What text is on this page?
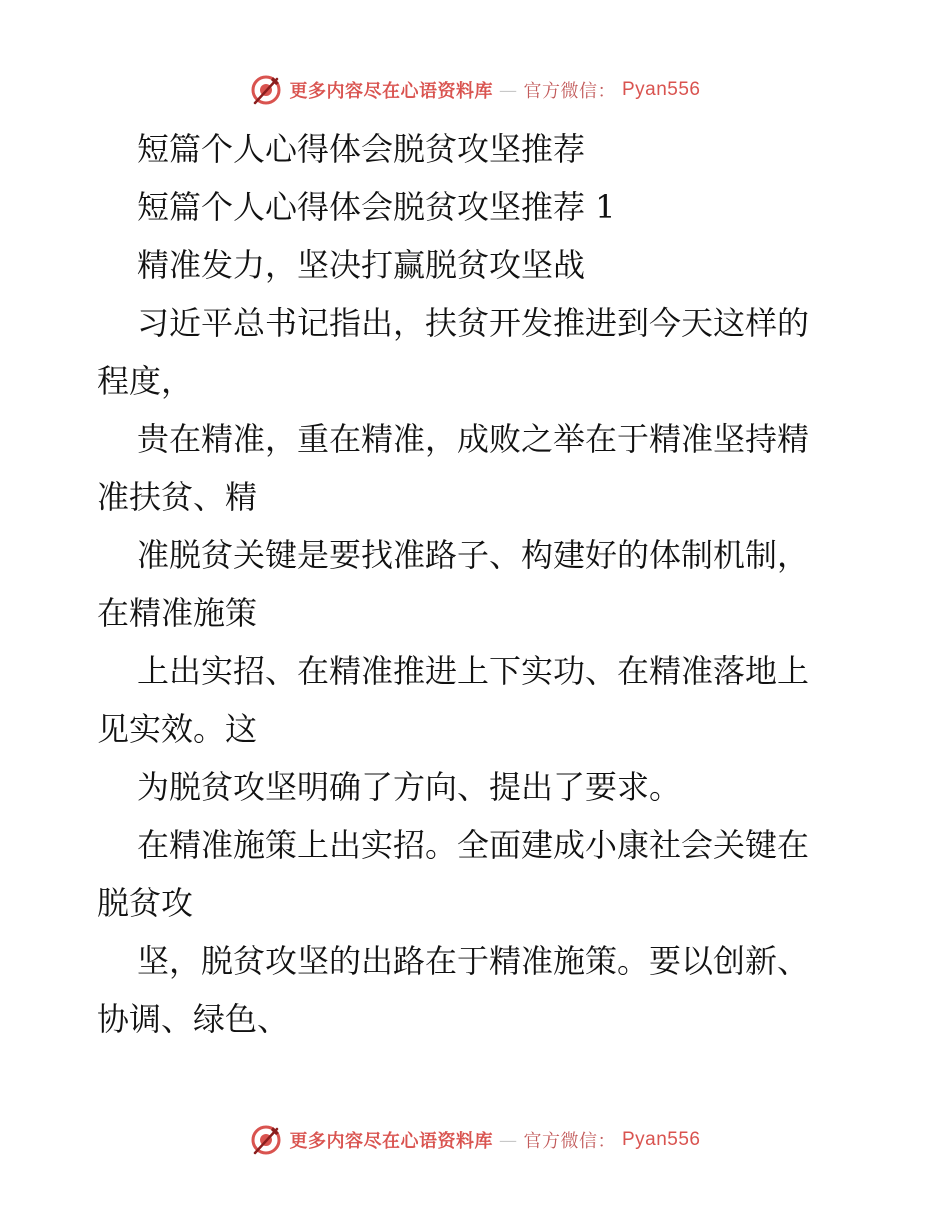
更多内容尽在心语资料库 — 官方微信： Pyan556
短篇个人心得体会脱贫攻坚推荐
短篇个人心得体会脱贫攻坚推荐 1
精准发力，坚决打赢脱贫攻坚战
习近平总书记指出，扶贫开发推进到今天这样的
程度，
贵在精准，重在精准，成败之举在于精准坚持精
准扶贫、精
准脱贫关键是要找准路子、构建好的体制机制，
在精准施策
上出实招、在精准推进上下实功、在精准落地上
见实效。这
为脱贫攻坚明确了方向、提出了要求。
在精准施策上出实招。全面建成小康社会关键在
脱贫攻
坚，脱贫攻坚的出路在于精准施策。要以创新、
协调、绿色、
更多内容尽在心语资料库 — 官方微信： Pyan556
